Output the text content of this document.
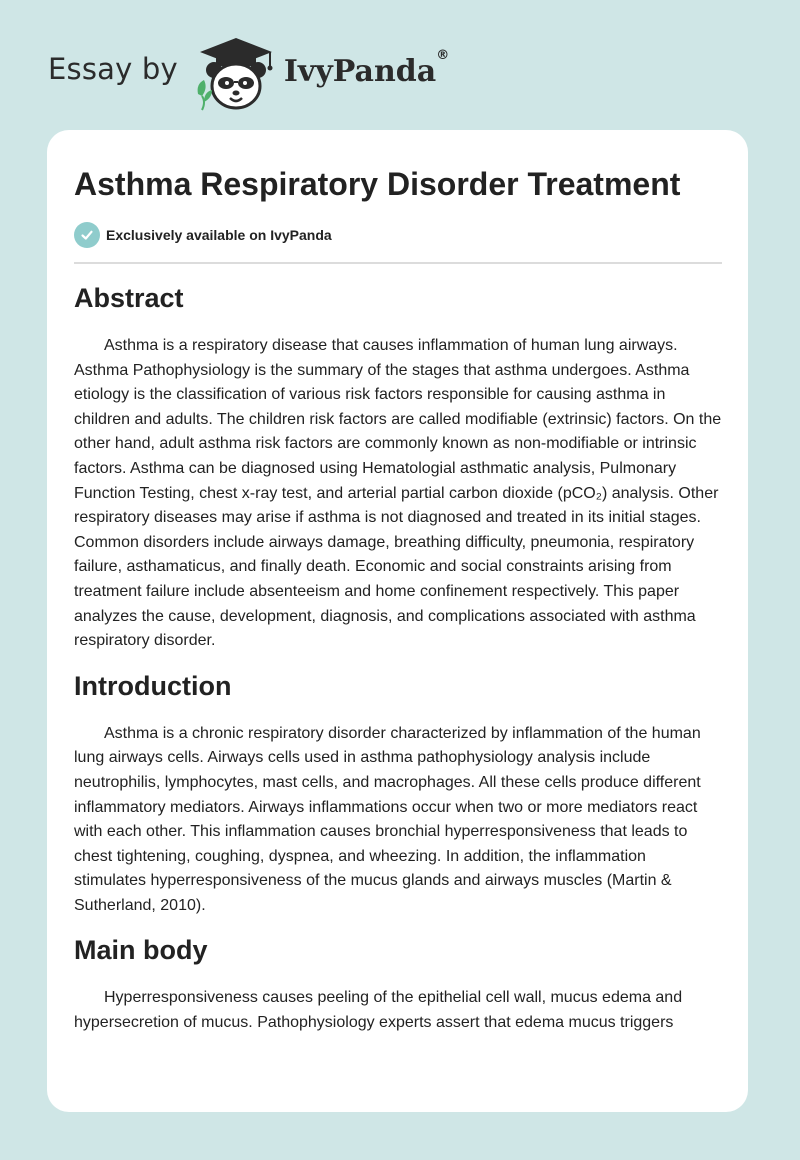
Essay by	IvyPanda®
Asthma Respiratory Disorder Treatment
Exclusively available on IvyPanda
Abstract

Asthma is a respiratory disease that causes inflammation of human lung airways. Asthma Pathophysiology is the summary of the stages that asthma undergoes. Asthma etiology is the classification of various risk factors responsible for causing asthma in children and adults. The children risk factors are called modifiable (extrinsic) factors. On the other hand, adult asthma risk factors are commonly known as non-modifiable or intrinsic factors. Asthma can be diagnosed using Hematologial asthmatic analysis, Pulmonary Function Testing, chest x-ray test, and arterial partial carbon dioxide (pCO₂) analysis. Other respiratory diseases may arise if asthma is not diagnosed and treated in its initial stages. Common disorders include airways damage, breathing difficulty, pneumonia, respiratory failure, asthamaticus, and finally death. Economic and social constraints arising from treatment failure include absenteeism and home confinement respectively. This paper analyzes the cause, development, diagnosis, and complications associated with asthma respiratory disorder.

Introduction

Asthma is a chronic respiratory disorder characterized by inflammation of the human lung airways cells. Airways cells used in asthma pathophysiology analysis include neutrophilis, lymphocytes, mast cells, and macrophages. All these cells produce different inflammatory mediators. Airways inflammations occur when two or more mediators react with each other. This inflammation causes bronchial hyperresponsiveness that leads to chest tightening, coughing, dyspnea, and wheezing. In addition, the inflammation stimulates hyperresponsiveness of the mucus glands and airways muscles (Martin & Sutherland, 2010).

Main body

Hyperresponsiveness causes peeling of the epithelial cell wall, mucus edema and hypersecretion of mucus. Pathophysiology experts assert that edema mucus triggers
